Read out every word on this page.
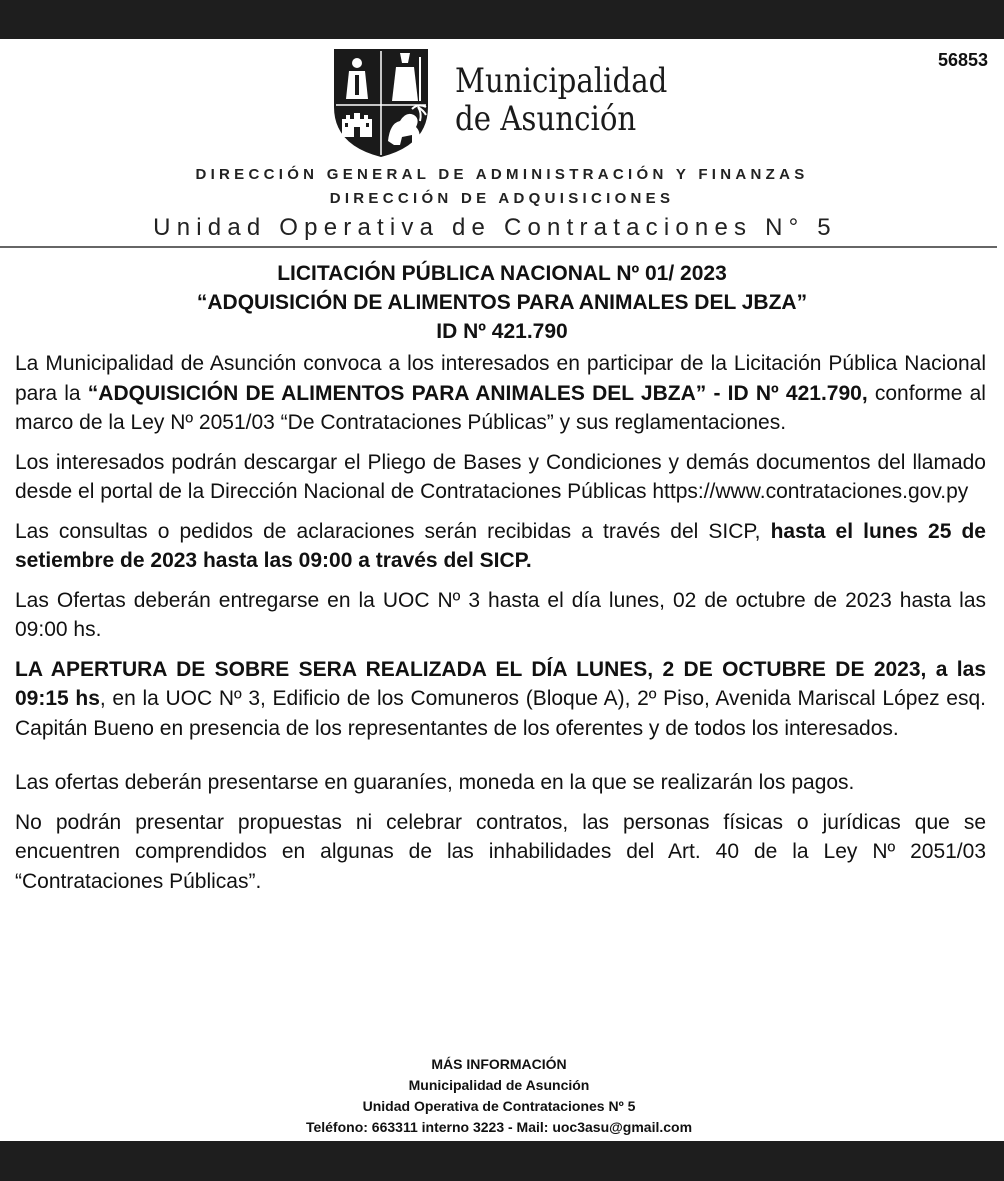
56853
Municipalidad
de Asunción
DIRECCIÓN GENERAL DE ADMINISTRACIÓN Y FINANZAS
DIRECCIÓN DE ADQUISICIONES
Unidad Operativa de Contrataciones N° 5
LICITACIÓN PÚBLICA NACIONAL Nº 01/ 2023
“ADQUISICIÓN DE ALIMENTOS PARA ANIMALES DEL JBZA”
ID Nº 421.790

La Municipalidad de Asunción convoca a los interesados en participar de la Licitación Pública Nacional para la “ADQUISICIÓN DE ALIMENTOS PARA ANIMALES DEL JBZA” - ID Nº 421.790, conforme al marco de la Ley Nº 2051/03 “De Contrataciones Públicas” y sus reglamentaciones.

Los interesados podrán descargar el Pliego de Bases y Condiciones y demás documentos del llamado desde el portal de la Dirección Nacional de Contrataciones Públicas https://www.contrataciones.gov.py

Las consultas o pedidos de aclaraciones serán recibidas a través del SICP, hasta el lunes 25 de setiembre de 2023 hasta las 09:00 a través del SICP.

Las Ofertas deberán entregarse en la UOC Nº 3 hasta el día lunes, 02 de octubre de 2023 hasta las 09:00 hs.

LA APERTURA DE SOBRE SERA REALIZADA EL DÍA LUNES, 2 DE OCTUBRE DE 2023, a las 09:15 hs, en la UOC Nº 3, Edificio de los Comuneros (Bloque A), 2º Piso, Avenida Mariscal López esq. Capitán Bueno en presencia de los representantes de los oferentes y de todos los interesados.

Las ofertas deberán presentarse en guaraníes, moneda en la que se realizarán los pagos.

No podrán presentar propuestas ni celebrar contratos, las personas físicas o jurídicas que se encuentren comprendidos en algunas de las inhabilidades del Art. 40 de la Ley Nº 2051/03 “Contrataciones Públicas”.

MÁS INFORMACIÓN
Municipalidad de Asunción
Unidad Operativa de Contrataciones Nº 5
Teléfono: 663311 interno 3223 - Mail: uoc3asu@gmail.com
